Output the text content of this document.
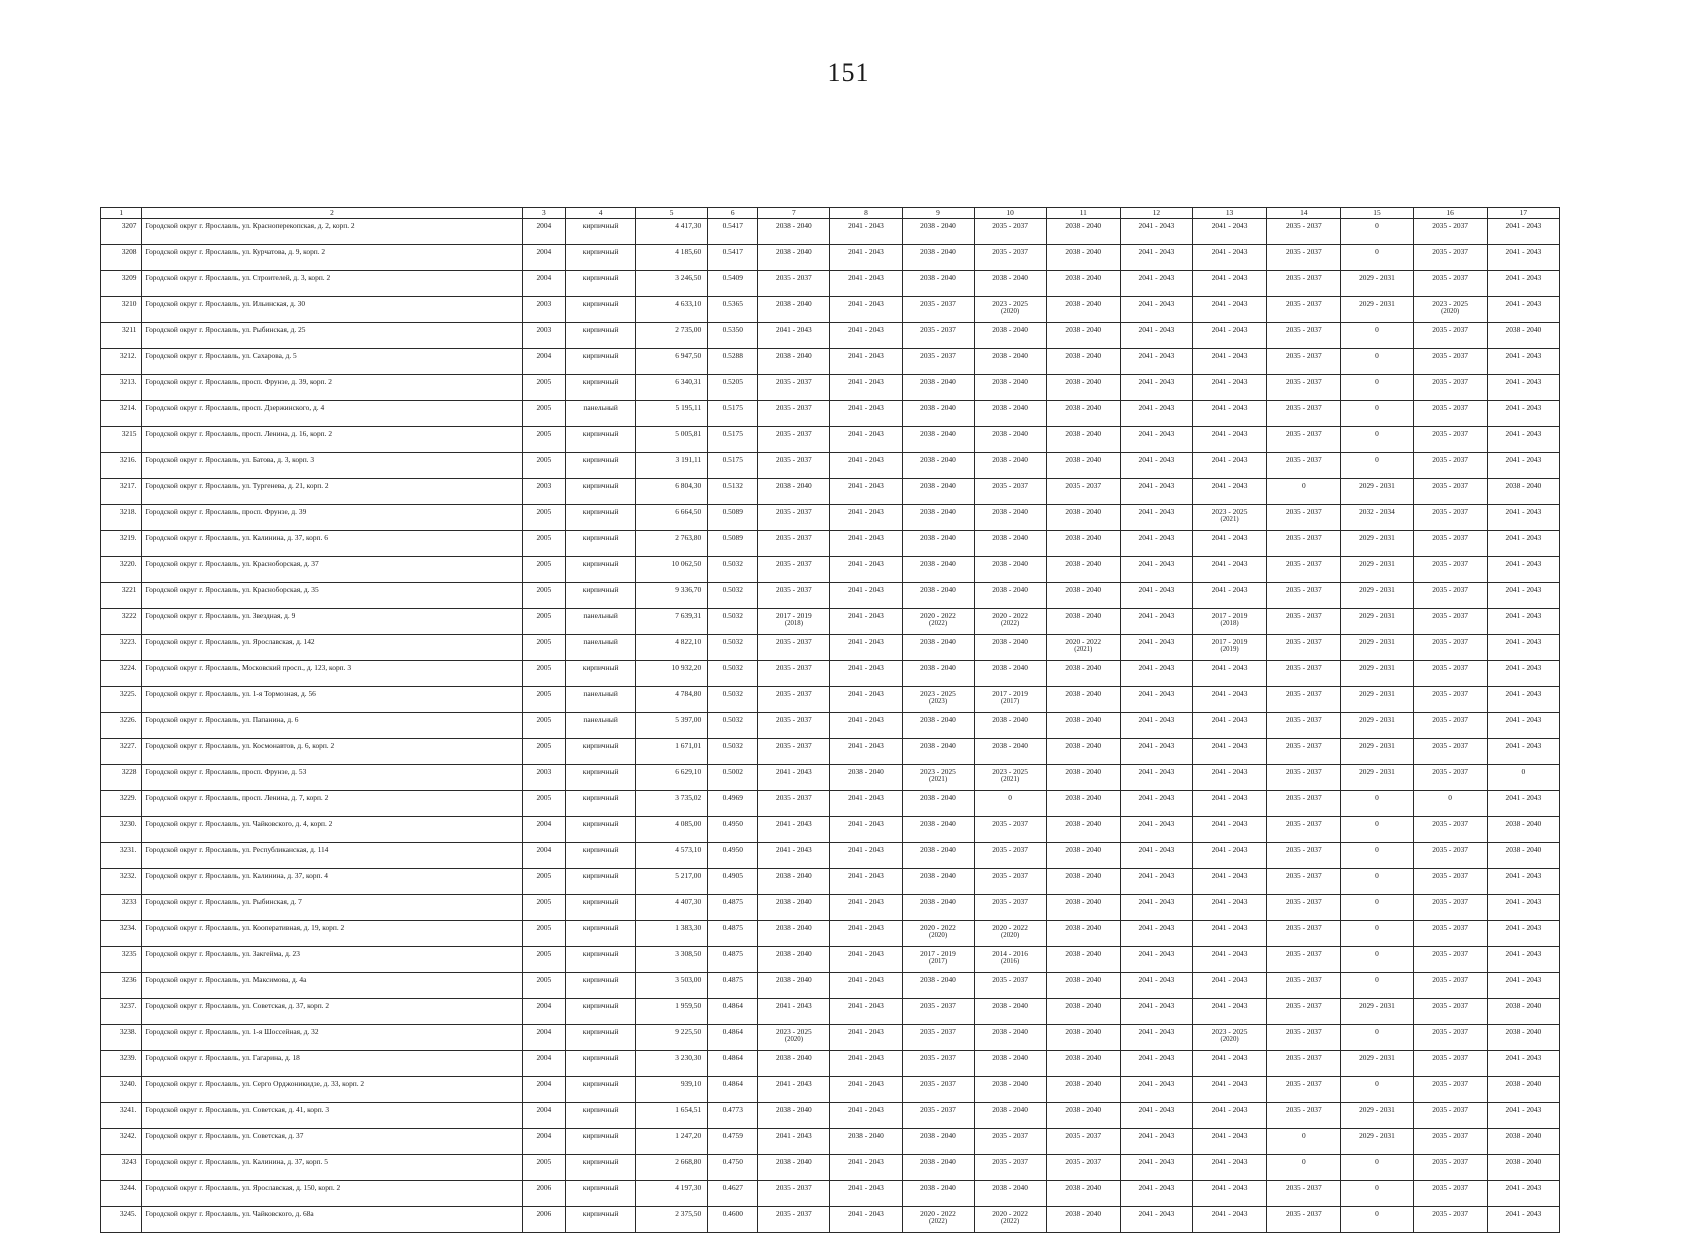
151
1	2	3	4	5	6	7	8	9	10	11	12	13	14	15	16	17
3207	Городской округ г. Ярославль, ул. Красноперекопская, д. 2, корп. 2	2004	кирпичный	4 417,30	0.5417	2038 - 2040	2041 - 2043	2038 - 2040	2035 - 2037	2038 - 2040	2041 - 2043	2041 - 2043	2035 - 2037	0	2035 - 2037	2041 - 2043
3208	Городской округ г. Ярославль, ул. Курчатова, д. 9, корп. 2	2004	кирпичный	4 185,60	0.5417	2038 - 2040	2041 - 2043	2038 - 2040	2035 - 2037	2038 - 2040	2041 - 2043	2041 - 2043	2035 - 2037	0	2035 - 2037	2041 - 2043
3209	Городской округ г. Ярославль, ул. Строителей, д. 3, корп. 2	2004	кирпичный	3 246,50	0.5409	2035 - 2037	2041 - 2043	2038 - 2040	2038 - 2040	2038 - 2040	2041 - 2043	2041 - 2043	2035 - 2037	2029 - 2031	2035 - 2037	2041 - 2043
3210	Городской округ г. Ярославль, ул. Ильинская, д. 30	2003	кирпичный	4 633,10	0.5365	2038 - 2040	2041 - 2043	2035 - 2037	2023 - 2025
(2020)	2038 - 2040	2041 - 2043	2041 - 2043	2035 - 2037	2029 - 2031	2023 - 2025
(2020)	2041 - 2043
3211	Городской округ г. Ярославль, ул. Рыбинская, д. 25	2003	кирпичный	2 735,00	0.5350	2041 - 2043	2041 - 2043	2035 - 2037	2038 - 2040	2038 - 2040	2041 - 2043	2041 - 2043	2035 - 2037	0	2035 - 2037	2038 - 2040
3212.	Городской округ г. Ярославль, ул. Сахарова, д. 5	2004	кирпичный	6 947,50	0.5288	2038 - 2040	2041 - 2043	2035 - 2037	2038 - 2040	2038 - 2040	2041 - 2043	2041 - 2043	2035 - 2037	0	2035 - 2037	2041 - 2043
3213.	Городской округ г. Ярославль, просп. Фрунзе, д. 39, корп. 2	2005	кирпичный	6 340,31	0.5205	2035 - 2037	2041 - 2043	2038 - 2040	2038 - 2040	2038 - 2040	2041 - 2043	2041 - 2043	2035 - 2037	0	2035 - 2037	2041 - 2043
3214.	Городской округ г. Ярославль, просп. Дзержинского, д. 4	2005	панельный	5 195,11	0.5175	2035 - 2037	2041 - 2043	2038 - 2040	2038 - 2040	2038 - 2040	2041 - 2043	2041 - 2043	2035 - 2037	0	2035 - 2037	2041 - 2043
3215	Городской округ г. Ярославль, просп. Ленина, д. 16, корп. 2	2005	кирпичный	5 005,81	0.5175	2035 - 2037	2041 - 2043	2038 - 2040	2038 - 2040	2038 - 2040	2041 - 2043	2041 - 2043	2035 - 2037	0	2035 - 2037	2041 - 2043
3216.	Городской округ г. Ярославль, ул. Батова, д. 3, корп. 3	2005	кирпичный	3 191,11	0.5175	2035 - 2037	2041 - 2043	2038 - 2040	2038 - 2040	2038 - 2040	2041 - 2043	2041 - 2043	2035 - 2037	0	2035 - 2037	2041 - 2043
3217.	Городской округ г. Ярославль, ул. Тургенева, д. 21, корп. 2	2003	кирпичный	6 804,30	0.5132	2038 - 2040	2041 - 2043	2038 - 2040	2035 - 2037	2035 - 2037	2041 - 2043	2041 - 2043	0	2029 - 2031	2035 - 2037	2038 - 2040
3218.	Городской округ г. Ярославль, просп. Фрунзе, д. 39	2005	кирпичный	6 664,50	0.5089	2035 - 2037	2041 - 2043	2038 - 2040	2038 - 2040	2038 - 2040	2041 - 2043	2023 - 2025
(2021)	2035 - 2037	2032 - 2034	2035 - 2037	2041 - 2043
3219.	Городской округ г. Ярославль, ул. Калинина, д. 37, корп. 6	2005	кирпичный	2 763,80	0.5089	2035 - 2037	2041 - 2043	2038 - 2040	2038 - 2040	2038 - 2040	2041 - 2043	2041 - 2043	2035 - 2037	2029 - 2031	2035 - 2037	2041 - 2043
3220.	Городской округ г. Ярославль, ул. Красноборская, д. 37	2005	кирпичный	10 062,50	0.5032	2035 - 2037	2041 - 2043	2038 - 2040	2038 - 2040	2038 - 2040	2041 - 2043	2041 - 2043	2035 - 2037	2029 - 2031	2035 - 2037	2041 - 2043
3221	Городской округ г. Ярославль, ул. Красноборская, д. 35	2005	кирпичный	9 336,70	0.5032	2035 - 2037	2041 - 2043	2038 - 2040	2038 - 2040	2038 - 2040	2041 - 2043	2041 - 2043	2035 - 2037	2029 - 2031	2035 - 2037	2041 - 2043
3222	Городской округ г. Ярославль, ул. Звездная, д. 9	2005	панельный	7 639,31	0.5032	2017 - 2019
(2018)	2041 - 2043	2020 - 2022
(2022)	2020 - 2022
(2022)	2038 - 2040	2041 - 2043	2017 - 2019
(2018)	2035 - 2037	2029 - 2031	2035 - 2037	2041 - 2043
3223.	Городской округ г. Ярославль, ул. Ярославская, д. 142	2005	панельный	4 822,10	0.5032	2035 - 2037	2041 - 2043	2038 - 2040	2038 - 2040	2020 - 2022
(2021)	2041 - 2043	2017 - 2019
(2019)	2035 - 2037	2029 - 2031	2035 - 2037	2041 - 2043
3224.	Городской округ г. Ярославль, Московский просп., д. 123, корп. 3	2005	кирпичный	10 932,20	0.5032	2035 - 2037	2041 - 2043	2038 - 2040	2038 - 2040	2038 - 2040	2041 - 2043	2041 - 2043	2035 - 2037	2029 - 2031	2035 - 2037	2041 - 2043
3225.	Городской округ г. Ярославль, ул. 1-я Тормозная, д. 56	2005	панельный	4 784,80	0.5032	2035 - 2037	2041 - 2043	2023 - 2025
(2023)	2017 - 2019
(2017)	2038 - 2040	2041 - 2043	2041 - 2043	2035 - 2037	2029 - 2031	2035 - 2037	2041 - 2043
3226.	Городской округ г. Ярославль, ул. Папанина, д. 6	2005	панельный	5 397,00	0.5032	2035 - 2037	2041 - 2043	2038 - 2040	2038 - 2040	2038 - 2040	2041 - 2043	2041 - 2043	2035 - 2037	2029 - 2031	2035 - 2037	2041 - 2043
3227.	Городской округ г. Ярославль, ул. Космонавтов, д. 6, корп. 2	2005	кирпичный	1 671,01	0.5032	2035 - 2037	2041 - 2043	2038 - 2040	2038 - 2040	2038 - 2040	2041 - 2043	2041 - 2043	2035 - 2037	2029 - 2031	2035 - 2037	2041 - 2043
3228	Городской округ г. Ярославль, просп. Фрунзе, д. 53	2003	кирпичный	6 629,10	0.5002	2041 - 2043	2038 - 2040	2023 - 2025
(2021)	2023 - 2025
(2021)	2038 - 2040	2041 - 2043	2041 - 2043	2035 - 2037	2029 - 2031	2035 - 2037	0
3229.	Городской округ г. Ярославль, просп. Ленина, д. 7, корп. 2	2005	кирпичный	3 735,02	0.4969	2035 - 2037	2041 - 2043	2038 - 2040	0	2038 - 2040	2041 - 2043	2041 - 2043	2035 - 2037	0	0	2041 - 2043
3230.	Городской округ г. Ярославль, ул. Чайковского, д. 4, корп. 2	2004	кирпичный	4 085,00	0.4950	2041 - 2043	2041 - 2043	2038 - 2040	2035 - 2037	2038 - 2040	2041 - 2043	2041 - 2043	2035 - 2037	0	2035 - 2037	2038 - 2040
3231.	Городской округ г. Ярославль, ул. Республиканская, д. 114	2004	кирпичный	4 573,10	0.4950	2041 - 2043	2041 - 2043	2038 - 2040	2035 - 2037	2038 - 2040	2041 - 2043	2041 - 2043	2035 - 2037	0	2035 - 2037	2038 - 2040
3232.	Городской округ г. Ярославль, ул. Калинина, д. 37, корп. 4	2005	кирпичный	5 217,00	0.4905	2038 - 2040	2041 - 2043	2038 - 2040	2035 - 2037	2038 - 2040	2041 - 2043	2041 - 2043	2035 - 2037	0	2035 - 2037	2041 - 2043
3233	Городской округ г. Ярославль, ул. Рыбинская, д. 7	2005	кирпичный	4 407,30	0.4875	2038 - 2040	2041 - 2043	2038 - 2040	2035 - 2037	2038 - 2040	2041 - 2043	2041 - 2043	2035 - 2037	0	2035 - 2037	2041 - 2043
3234.	Городской округ г. Ярославль, ул. Кооперативная, д. 19, корп. 2	2005	кирпичный	1 383,30	0.4875	2038 - 2040	2041 - 2043	2020 - 2022
(2020)	2020 - 2022
(2020)	2038 - 2040	2041 - 2043	2041 - 2043	2035 - 2037	0	2035 - 2037	2041 - 2043
3235	Городской округ г. Ярославль, ул. Закгейма, д. 23	2005	кирпичный	3 308,50	0.4875	2038 - 2040	2041 - 2043	2017 - 2019
(2017)	2014 - 2016
(2016)	2038 - 2040	2041 - 2043	2041 - 2043	2035 - 2037	0	2035 - 2037	2041 - 2043
3236	Городской округ г. Ярославль, ул. Максимова, д. 4а	2005	кирпичный	3 503,00	0.4875	2038 - 2040	2041 - 2043	2038 - 2040	2035 - 2037	2038 - 2040	2041 - 2043	2041 - 2043	2035 - 2037	0	2035 - 2037	2041 - 2043
3237.	Городской округ г. Ярославль, ул. Советская, д. 37, корп. 2	2004	кирпичный	1 959,50	0.4864	2041 - 2043	2041 - 2043	2035 - 2037	2038 - 2040	2038 - 2040	2041 - 2043	2041 - 2043	2035 - 2037	2029 - 2031	2035 - 2037	2038 - 2040
3238.	Городской округ г. Ярославль, ул. 1-я Шоссейная, д. 32	2004	кирпичный	9 225,50	0.4864	2023 - 2025
(2020)	2041 - 2043	2035 - 2037	2038 - 2040	2038 - 2040	2041 - 2043	2023 - 2025
(2020)	2035 - 2037	0	2035 - 2037	2038 - 2040
3239.	Городской округ г. Ярославль, ул. Гагарина, д. 18	2004	кирпичный	3 230,30	0.4864	2038 - 2040	2041 - 2043	2035 - 2037	2038 - 2040	2038 - 2040	2041 - 2043	2041 - 2043	2035 - 2037	2029 - 2031	2035 - 2037	2041 - 2043
3240.	Городской округ г. Ярославль, ул. Серго Орджоникидзе, д. 33, корп. 2	2004	кирпичный	939,10	0.4864	2041 - 2043	2041 - 2043	2035 - 2037	2038 - 2040	2038 - 2040	2041 - 2043	2041 - 2043	2035 - 2037	0	2035 - 2037	2038 - 2040
3241.	Городской округ г. Ярославль, ул. Советская, д. 41, корп. 3	2004	кирпичный	1 654,51	0.4773	2038 - 2040	2041 - 2043	2035 - 2037	2038 - 2040	2038 - 2040	2041 - 2043	2041 - 2043	2035 - 2037	2029 - 2031	2035 - 2037	2041 - 2043
3242.	Городской округ г. Ярославль, ул. Советская, д. 37	2004	кирпичный	1 247,20	0.4759	2041 - 2043	2038 - 2040	2038 - 2040	2035 - 2037	2035 - 2037	2041 - 2043	2041 - 2043	0	2029 - 2031	2035 - 2037	2038 - 2040
3243	Городской округ г. Ярославль, ул. Калинина, д. 37, корп. 5	2005	кирпичный	2 668,80	0.4750	2038 - 2040	2041 - 2043	2038 - 2040	2035 - 2037	2035 - 2037	2041 - 2043	2041 - 2043	0	0	2035 - 2037	2038 - 2040
3244.	Городской округ г. Ярославль, ул. Ярославская, д. 150, корп. 2	2006	кирпичный	4 197,30	0.4627	2035 - 2037	2041 - 2043	2038 - 2040	2038 - 2040	2038 - 2040	2041 - 2043	2041 - 2043	2035 - 2037	0	2035 - 2037	2041 - 2043
3245.	Городской округ г. Ярославль, ул. Чайковского, д. 68а	2006	кирпичный	2 375,50	0.4600	2035 - 2037	2041 - 2043	2020 - 2022
(2022)	2020 - 2022
(2022)	2038 - 2040	2041 - 2043	2041 - 2043	2035 - 2037	0	2035 - 2037	2041 - 2043
